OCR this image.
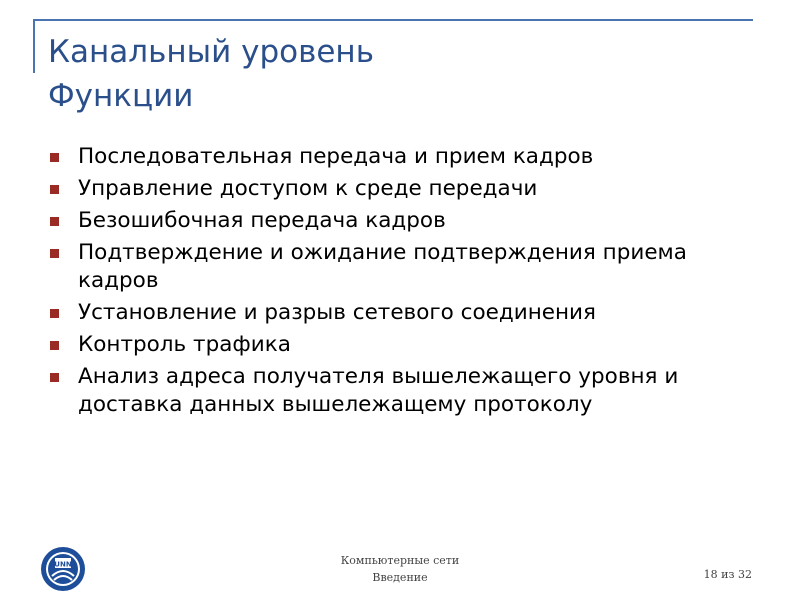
Канальный уровень
Функции
Последовательная передача и прием кадров
Управление доступом к среде передачи
Безошибочная передача кадров
Подтверждение и ожидание подтверждения приема кадров
Установление и разрыв сетевого соединения
Контроль трафика
Анализ адреса получателя вышележащего уровня и доставка данных вышележащему протоколу
UNN	Компьютерные сети
Введение	18 из 32
